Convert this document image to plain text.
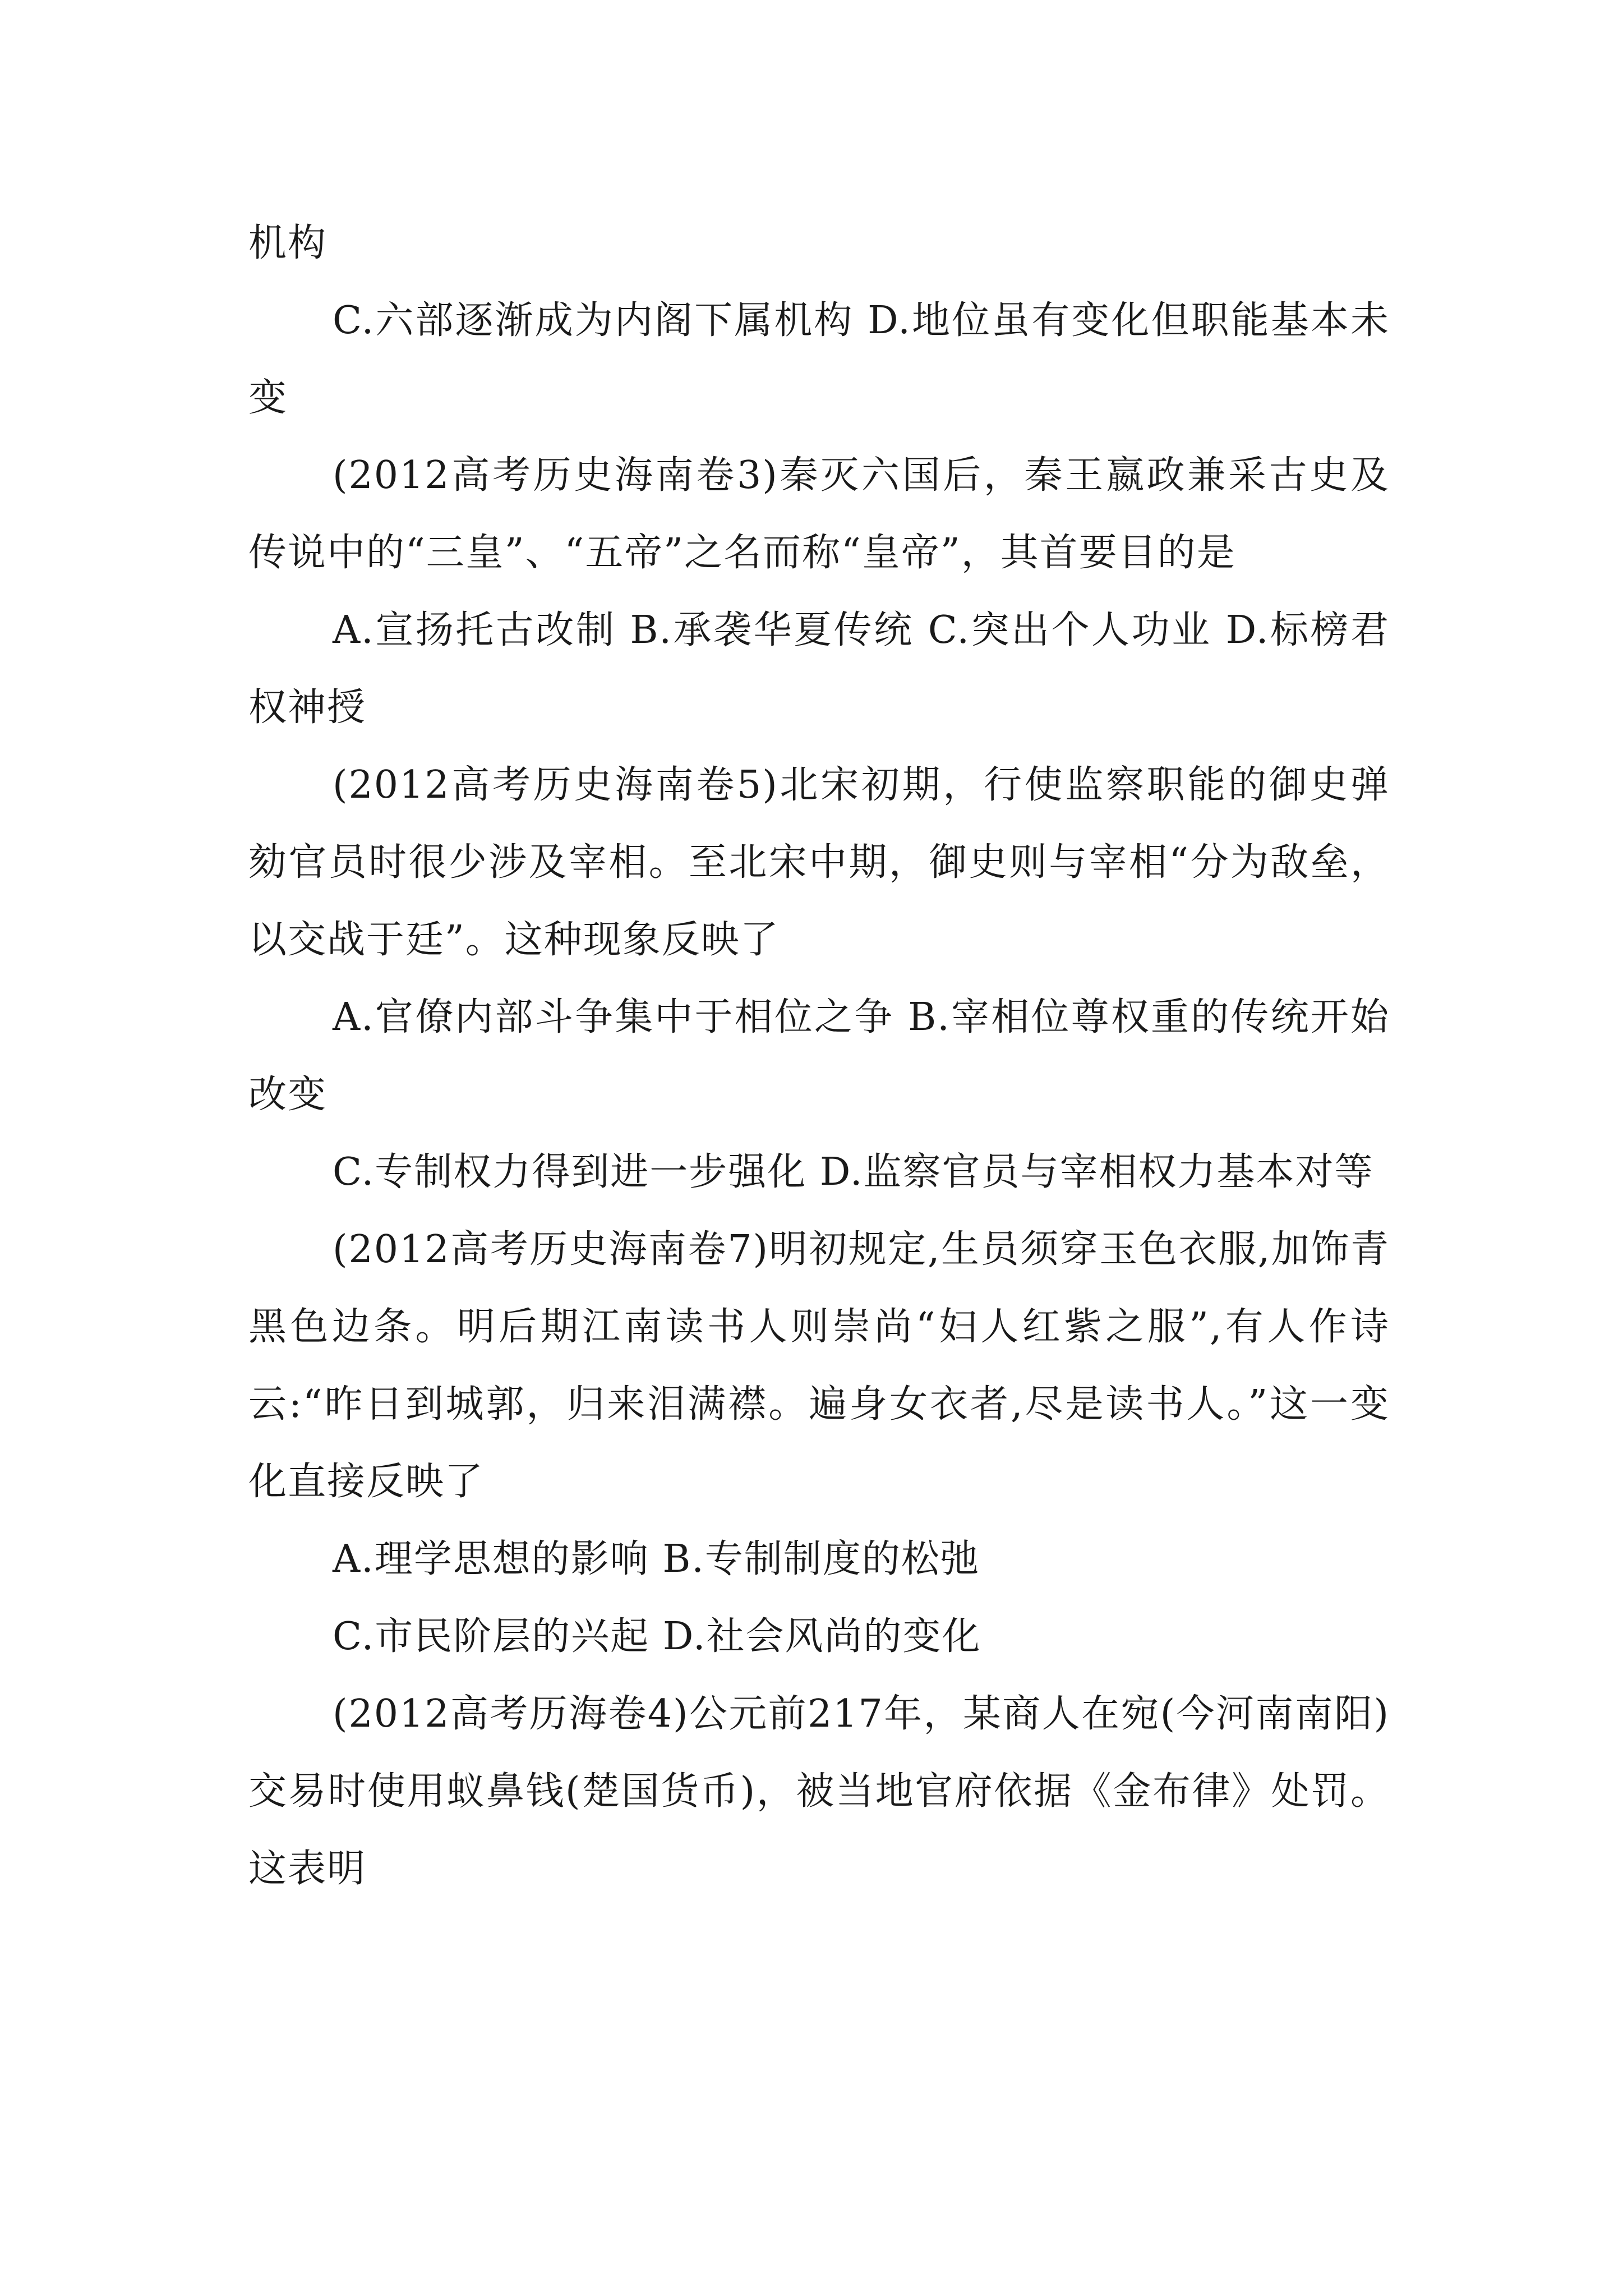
机构

C.六部逐渐成为内阁下属机构 D.地位虽有变化但职能基本未变

(2012高考历史海南卷3)秦灭六国后，秦王嬴政兼采古史及传说中的“三皇”、“五帝”之名而称“皇帝”，其首要目的是

A.宣扬托古改制 B.承袭华夏传统 C.突出个人功业 D.标榜君权神授

(2012高考历史海南卷5)北宋初期，行使监察职能的御史弹劾官员时很少涉及宰相。至北宋中期，御史则与宰相“分为敌垒，以交战于廷”。这种现象反映了

A.官僚内部斗争集中于相位之争 B.宰相位尊权重的传统开始改变

C.专制权力得到进一步强化 D.监察官员与宰相权力基本对等

(2012高考历史海南卷7)明初规定,生员须穿玉色衣服,加饰青黑色边条。明后期江南读书人则崇尚“妇人红紫之服”,有人作诗云:“昨日到城郭，归来泪满襟。遍身女衣者,尽是读书人。”这一变化直接反映了

A.理学思想的影响 B.专制制度的松弛

C.市民阶层的兴起 D.社会风尚的变化

(2012高考历海卷4)公元前217年，某商人在宛(今河南南阳)交易时使用蚁鼻钱(楚国货币)，被当地官府依据《金布律》处罚。这表明
